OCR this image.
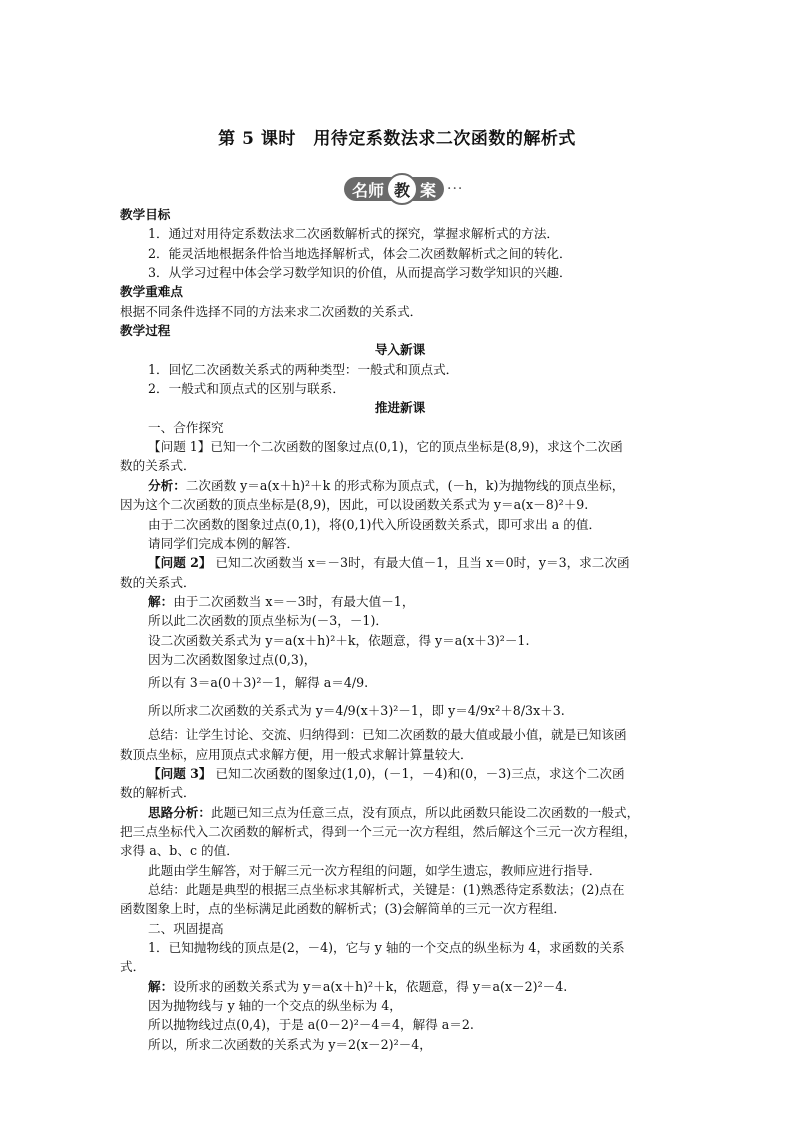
第 5 课时　用待定系数法求二次函数的解析式
名师 教 案 ···

教学目标

1．通过对用待定系数法求二次函数解析式的探究，掌握求解析式的方法．

2．能灵活地根据条件恰当地选择解析式，体会二次函数解析式之间的转化．

3．从学习过程中体会学习数学知识的价值，从而提高学习数学知识的兴趣．

教学重难点

根据不同条件选择不同的方法来求二次函数的关系式．

教学过程

导入新课

1．回忆二次函数关系式的两种类型：一般式和顶点式．

2．一般式和顶点式的区别与联系．

推进新课

一、合作探究

【问题 1】已知一个二次函数的图象过点(0,1)，它的顶点坐标是(8,9)，求这个二次函

数的关系式．

分析：二次函数 y＝a(x＋h)²＋k 的形式称为顶点式，(－h，k)为抛物线的顶点坐标，

因为这个二次函数的顶点坐标是(8,9)，因此，可以设函数关系式为 y＝a(x－8)²＋9.

由于二次函数的图象过点(0,1)，将(0,1)代入所设函数关系式，即可求出 a 的值．

请同学们完成本例的解答．

【问题 2】 已知二次函数当 x＝－3时，有最大值－1，且当 x＝0时，y＝3，求二次函

数的关系式．

解：由于二次函数当 x＝－3时，有最大值－1，

所以此二次函数的顶点坐标为(－3，－1)．

设二次函数关系式为 y＝a(x＋h)²＋k，依题意，得 y＝a(x＋3)²－1.

因为二次函数图象过点(0,3)，

所以有 3＝a(0＋3)²－1，解得 a＝4/9.

所以所求二次函数的关系式为 y＝4/9(x＋3)²－1，即 y＝4/9x²＋8/3x＋3.

总结：让学生讨论、交流、归纳得到：已知二次函数的最大值或最小值，就是已知该函

数顶点坐标，应用顶点式求解方便，用一般式求解计算量较大．

【问题 3】 已知二次函数的图象过(1,0)，(－1，－4)和(0，－3)三点，求这个二次函

数的解析式．

思路分析：此题已知三点为任意三点，没有顶点，所以此函数只能设二次函数的一般式，

把三点坐标代入二次函数的解析式，得到一个三元一次方程组，然后解这个三元一次方程组，

求得 a、b、c 的值．

此题由学生解答，对于解三元一次方程组的问题，如学生遗忘，教师应进行指导．

总结：此题是典型的根据三点坐标求其解析式，关键是：(1)熟悉待定系数法；(2)点在

函数图象上时，点的坐标满足此函数的解析式；(3)会解简单的三元一次方程组．

二、巩固提高

1．已知抛物线的顶点是(2，－4)，它与 y 轴的一个交点的纵坐标为 4，求函数的关系

式．

解：设所求的函数关系式为 y＝a(x＋h)²＋k，依题意，得 y＝a(x－2)²－4.

因为抛物线与 y 轴的一个交点的纵坐标为 4，

所以抛物线过点(0,4)，于是 a(0－2)²－4＝4，解得 a＝2.

所以，所求二次函数的关系式为 y＝2(x－2)²－4，
